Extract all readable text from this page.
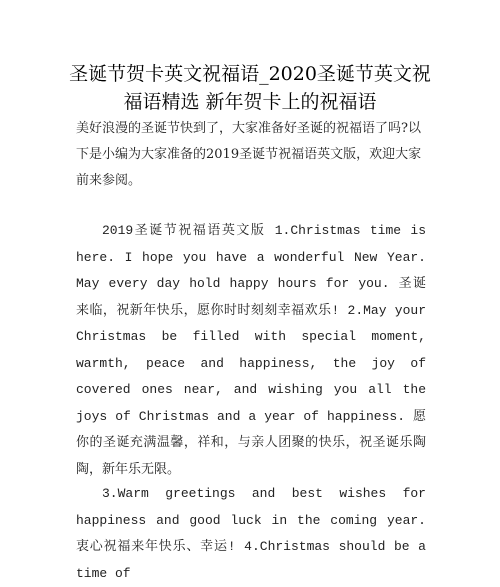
圣诞节贺卡英文祝福语_2020圣诞节英文祝福语精选 新年贺卡上的祝福语

美好浪漫的圣诞节快到了，大家准备好圣诞的祝福语了吗?以下是小编为大家准备的2019圣诞节祝福语英文版，欢迎大家前来参阅。

2019圣诞节祝福语英文版 1.Christmas time is here. I hope you have a wonderful New Year. May every day hold happy hours for you. 圣诞来临，祝新年快乐，愿你时时刻刻幸福欢乐! 2.May your Christmas be filled with special moment, warmth, peace and happiness, the joy of covered ones near, and wishing you all the joys of Christmas and a year of happiness. 愿你的圣诞充满温馨，祥和，与亲人团聚的快乐，祝圣诞乐陶陶，新年乐无限。

3.Warm greetings and best wishes for happiness and good luck in the coming year. 衷心祝福来年快乐、幸运! 4.Christmas should be a time of
